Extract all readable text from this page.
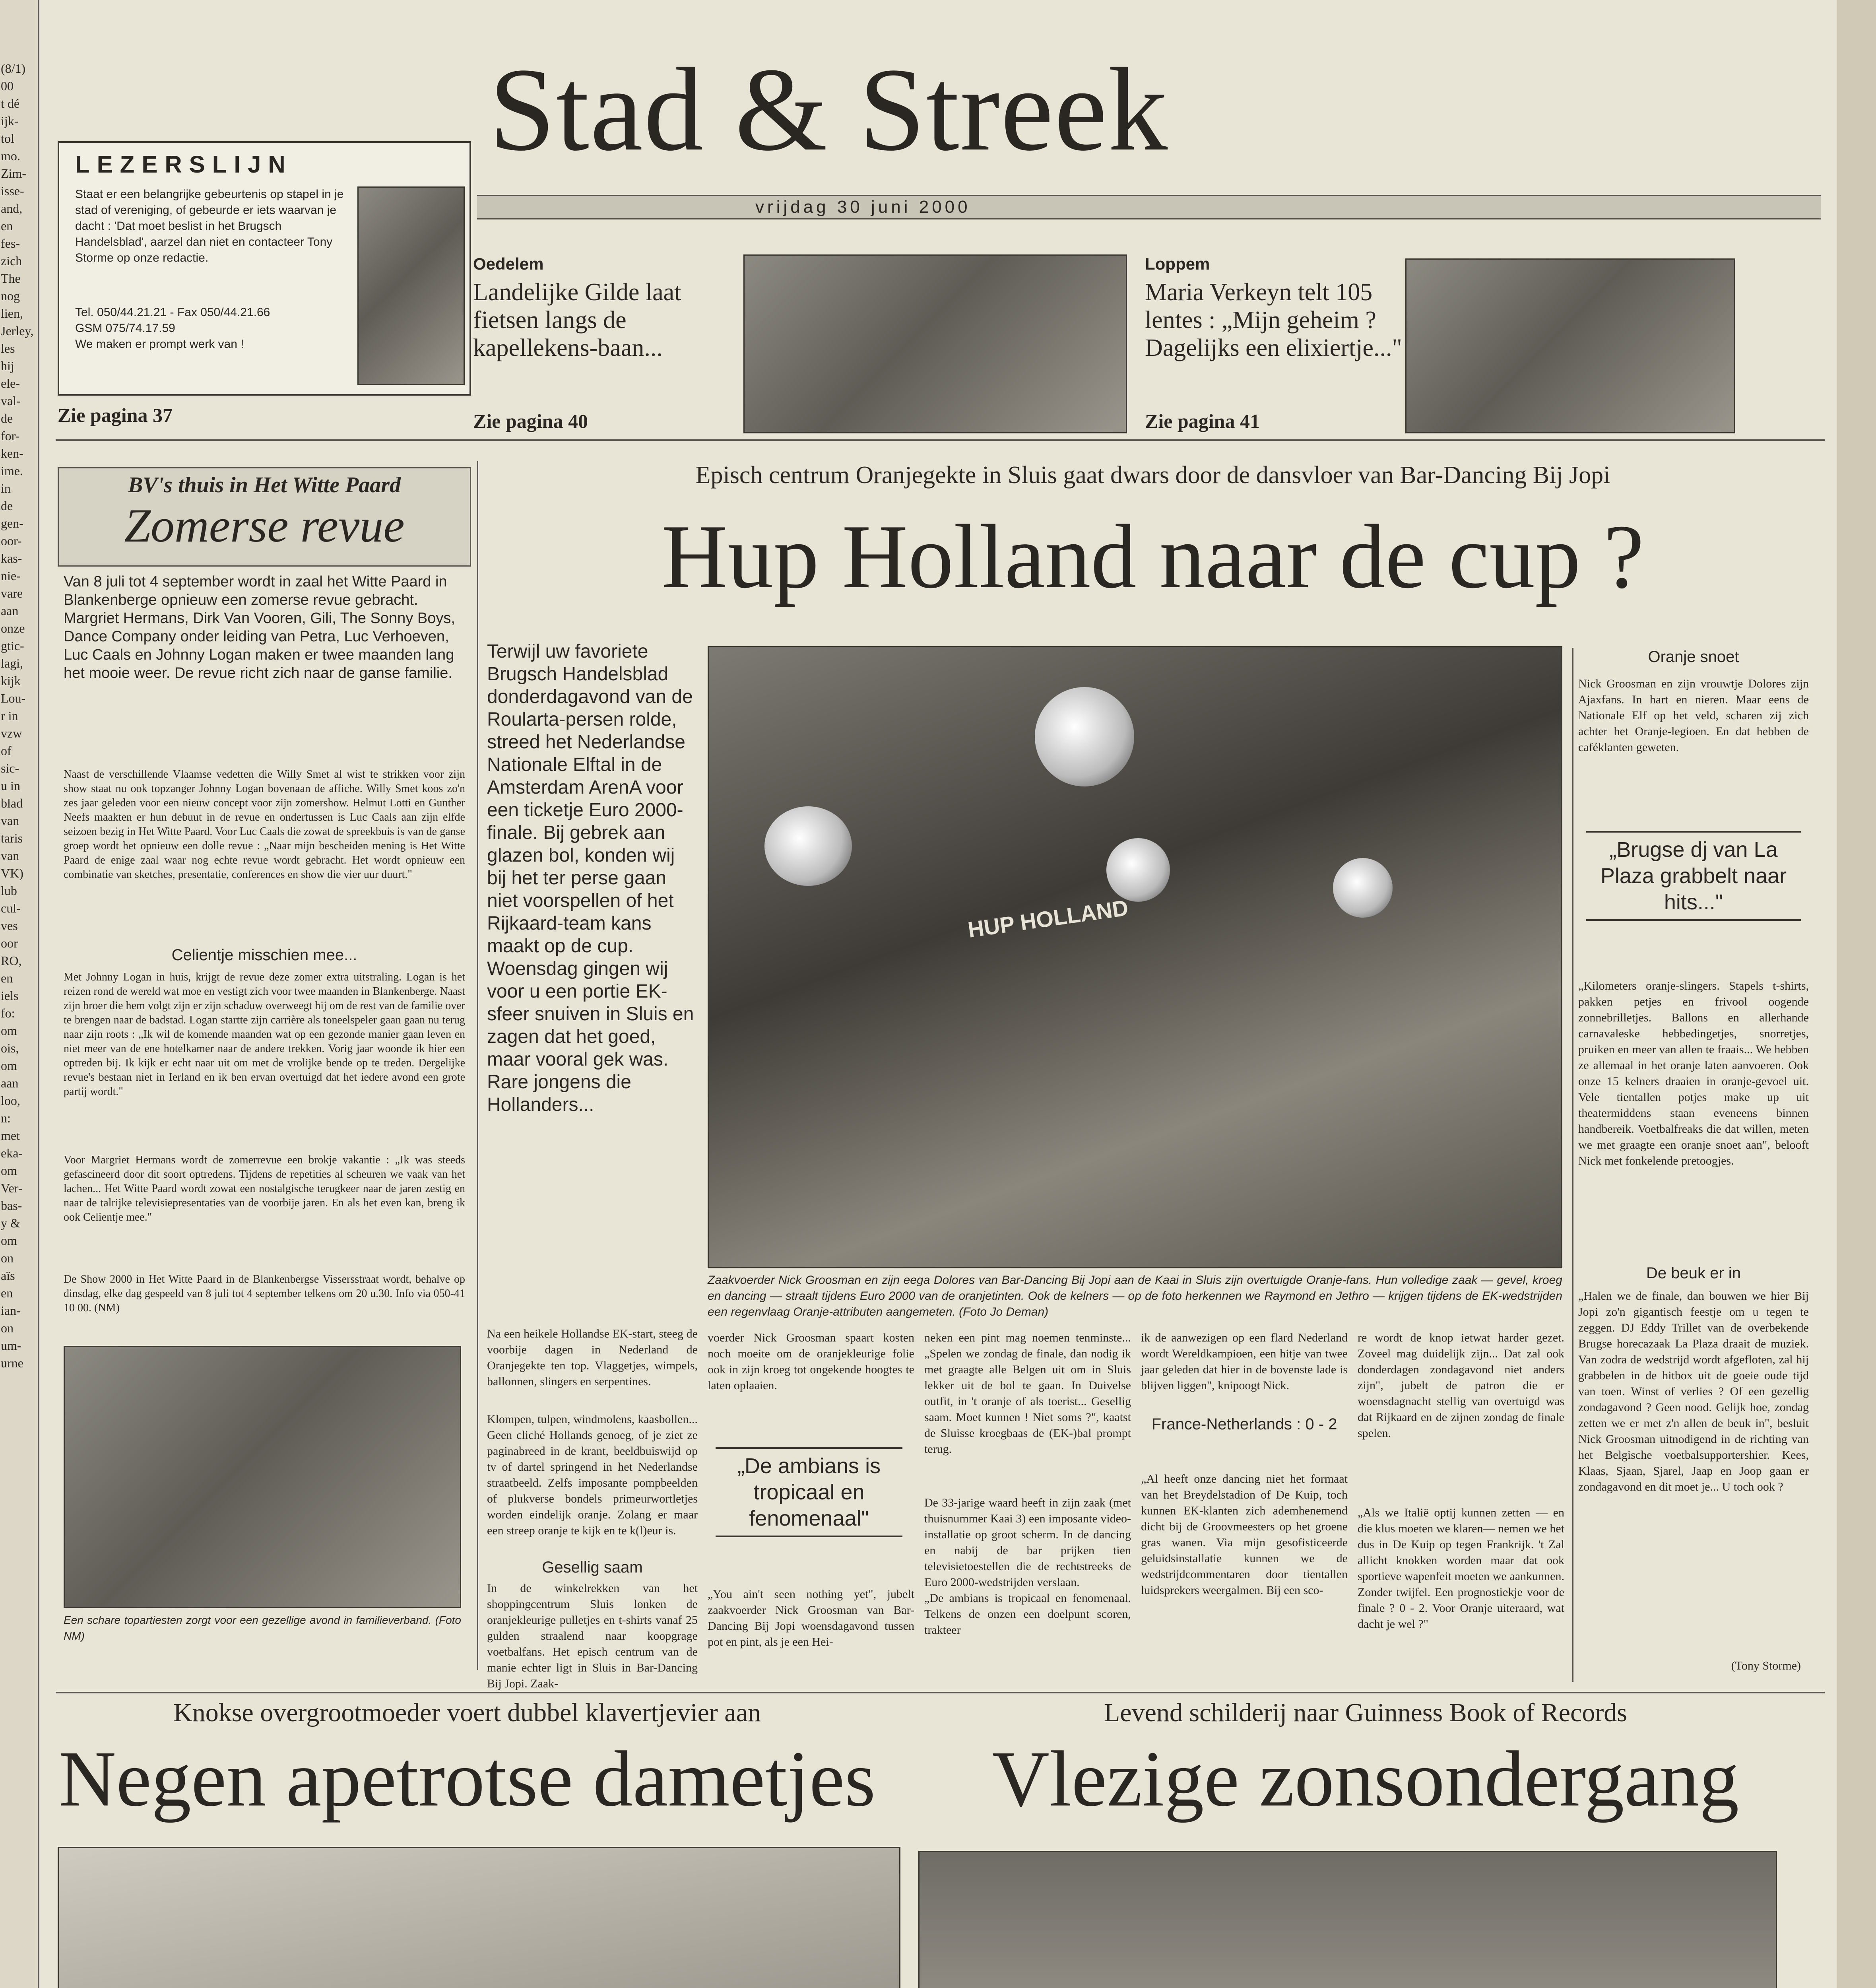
(8/1)
00
t dé
ijk-
tol
mo.
Zim-
isse-
and,
en
fes-
zich
The
nog
lien,
Jerley,
les
hij
ele-
val-
de
for-
ken-
ime.
in
de
gen-
oor-
kas-
nie-
vare
aan
onze
gtic-
lagi,
kijk
Lou-
r in
vzw
of
sic-
u in
blad
van
taris
van
VK)
lub
cul-
ves
oor
RO,
en
iels
fo:
om
ois,
om
aan
loo,
n:
met
eka-
om
Ver-
bas-
y &
om
on
aïs
en
ian-
on
um-
urne
Stad & Streek
vrijdag 30 juni 2000
LEZERSLIJN
Staat er een belangrijke gebeurtenis op stapel in je stad of vereniging, of gebeurde er iets waarvan je dacht : 'Dat moet beslist in het Brugsch Handelsblad', aarzel dan niet en contacteer Tony Storme op onze redactie.
Tel. 050/44.21.21 - Fax 050/44.21.66
GSM 075/74.17.59
We maken er prompt werk van !
Zie pagina 37
Oedelem
Landelijke Gilde laat fietsen langs de kapellekens-baan...
Zie pagina 40
Loppem
Maria Verkeyn telt 105 lentes : „Mijn geheim ? Dagelijks een elixiertje..."
Zie pagina 41
BV's thuis in Het Witte Paard
Zomerse revue
Van 8 juli tot 4 september wordt in zaal het Witte Paard in Blankenberge opnieuw een zomerse revue gebracht. Margriet Hermans, Dirk Van Vooren, Gili, The Sonny Boys, Dance Company onder leiding van Petra, Luc Verhoeven, Luc Caals en Johnny Logan maken er twee maanden lang het mooie weer. De revue richt zich naar de ganse familie.
Naast de verschillende Vlaamse vedetten die Willy Smet al wist te strikken voor zijn show staat nu ook topzanger Johnny Logan bovenaan de affiche. Willy Smet koos zo'n zes jaar geleden voor een nieuw concept voor zijn zomershow. Helmut Lotti en Gunther Neefs maakten er hun debuut in de revue en ondertussen is Luc Caals aan zijn elfde seizoen bezig in Het Witte Paard. Voor Luc Caals die zowat de spreekbuis is van de ganse groep wordt het opnieuw een dolle revue : „Naar mijn bescheiden mening is Het Witte Paard de enige zaal waar nog echte revue wordt gebracht. Het wordt opnieuw een combinatie van sketches, presentatie, conferences en show die vier uur duurt."
Celientje misschien mee...
Met Johnny Logan in huis, krijgt de revue deze zomer extra uitstraling. Logan is het reizen rond de wereld wat moe en vestigt zich voor twee maanden in Blankenberge. Naast zijn broer die hem volgt zijn er zijn schaduw overweegt hij om de rest van de familie over te brengen naar de badstad. Logan startte zijn carrière als toneelspeler gaan gaan nu terug naar zijn roots : „Ik wil de komende maanden wat op een gezonde manier gaan leven en niet meer van de ene hotelkamer naar de andere trekken. Vorig jaar woonde ik hier een optreden bij. Ik kijk er echt naar uit om met de vrolijke bende op te treden. Dergelijke revue's bestaan niet in Ierland en ik ben ervan overtuigd dat het iedere avond een grote partij wordt."
Voor Margriet Hermans wordt de zomerrevue een brokje vakantie : „Ik was steeds gefascineerd door dit soort optredens. Tijdens de repetities al scheuren we vaak van het lachen... Het Witte Paard wordt zowat een nostalgische terugkeer naar de jaren zestig en naar de talrijke televisiepresentaties van de voorbije jaren. En als het even kan, breng ik ook Celientje mee."
De Show 2000 in Het Witte Paard in de Blankenbergse Vissersstraat wordt, behalve op dinsdag, elke dag gespeeld van 8 juli tot 4 september telkens om 20 u.30. Info via 050-41 10 00. (NM)
Een schare topartiesten zorgt voor een gezellige avond in familieverband. (Foto NM)
Episch centrum Oranjegekte in Sluis gaat dwars door de dansvloer van Bar-Dancing Bij Jopi
Hup Holland naar de cup ?
Terwijl uw favoriete Brugsch Handelsblad donderdagavond van de Roularta-persen rolde, streed het Nederlandse Nationale Elftal in de Amsterdam ArenA voor een ticketje Euro 2000-finale. Bij gebrek aan glazen bol, konden wij bij het ter perse gaan niet voorspellen of het Rijkaard-team kans maakt op de cup. Woensdag gingen wij voor u een portie EK-sfeer snuiven in Sluis en zagen dat het goed, maar vooral gek was. Rare jongens die Hollanders...
HUP HOLLAND
Zaakvoerder Nick Groosman en zijn eega Dolores van Bar-Dancing Bij Jopi aan de Kaai in Sluis zijn overtuigde Oranje-fans. Hun volledige zaak — gevel, kroeg en dancing — straalt tijdens Euro 2000 van de oranjetinten. Ook de kelners — op de foto herkennen we Raymond en Jethro — krijgen tijdens de EK-wedstrijden een regenvlaag Oranje-attributen aangemeten. (Foto Jo Deman)
Na een heikele Hollandse EK-start, steeg de voorbije dagen in Nederland de Oranjegekte ten top. Vlaggetjes, wimpels, ballonnen, slingers en serpentines.
Klompen, tulpen, windmolens, kaasbollen... Geen cliché Hollands genoeg, of je ziet ze paginabreed in de krant, beeldbuiswijd op tv of dartel springend in het Nederlandse straatbeeld. Zelfs imposante pompbeelden of plukverse bondels primeurwortletjes worden eindelijk oranje. Zolang er maar een streep oranje te kijk en te k(l)eur is.
Gesellig saam
In de winkelrekken van het shoppingcentrum Sluis lonken de oranjekleurige pulletjes en t-shirts vanaf 25 gulden straalend naar koopgrage voetbalfans. Het episch centrum van de manie echter ligt in Sluis in Bar-Dancing Bij Jopi. Zaak-
voerder Nick Groosman spaart kosten noch moeite om de oranjekleurige folie ook in zijn kroeg tot ongekende hoogtes te laten oplaaien.
„De ambians is tropicaal en fenomenaal"
„You ain't seen nothing yet", jubelt zaakvoerder Nick Groosman van Bar-Dancing Bij Jopi woensdagavond tussen pot en pint, als je een Hei-
neken een pint mag noemen tenminste... „Spelen we zondag de finale, dan nodig ik met graagte alle Belgen uit om in Sluis lekker uit de bol te gaan. In Duivelse outfit, in 't oranje of als toerist... Gesellig saam. Moet kunnen ! Niet soms ?", kaatst de Sluisse kroegbaas de (EK-)bal prompt terug.
De 33-jarige waard heeft in zijn zaak (met thuisnummer Kaai 3) een imposante video-installatie op groot scherm. In de dancing en nabij de bar prijken tien televisietoestellen die de rechtstreeks de Euro 2000-wedstrijden verslaan.
„De ambians is tropicaal en fenomenaal. Telkens de onzen een doelpunt scoren, trakteer
ik de aanwezigen op een flard Nederland wordt Wereldkampioen, een hitje van twee jaar geleden dat hier in de bovenste lade is blijven liggen", knipoogt Nick.
France-Netherlands : 0 - 2
„Al heeft onze dancing niet het formaat van het Breydelstadion of De Kuip, toch kunnen EK-klanten zich ademhenemend dicht bij de Groovmeesters op het groene gras wanen. Via mijn gesofisticeerde geluidsinstallatie kunnen we de wedstrijdcommentaren door tientallen luidsprekers weergalmen. Bij een sco-
re wordt de knop ietwat harder gezet. Zoveel mag duidelijk zijn... Dat zal ook donderdagen zondagavond niet anders zijn", jubelt de patron die er woensdagnacht stellig van overtuigd was dat Rijkaard en de zijnen zondag de finale spelen.
„Als we Italië optij kunnen zetten — en die klus moeten we klaren— nemen we het dus in De Kuip op tegen Frankrijk. 't Zal allicht knokken worden maar dat ook sportieve wapenfeit moeten we aankunnen. Zonder twijfel. Een prognostiekje voor de finale ? 0 - 2. Voor Oranje uiteraard, wat dacht je wel ?"
Oranje snoet
Nick Groosman en zijn vrouwtje Dolores zijn Ajaxfans. In hart en nieren. Maar eens de Nationale Elf op het veld, scharen zij zich achter het Oranje-legioen. En dat hebben de caféklanten geweten.
„Brugse dj van La Plaza grabbelt naar hits..."
„Kilometers oranje-slingers. Stapels t-shirts, pakken petjes en frivool oogende zonnebrilletjes. Ballons en allerhande carnavaleske hebbedingetjes, snorretjes, pruiken en meer van allen te fraais... We hebben ze allemaal in het oranje laten aanvoeren. Ook onze 15 kelners draaien in oranje-gevoel uit. Vele tientallen potjes make up uit theatermiddens staan eveneens binnen handbereik. Voetbalfreaks die dat willen, meten we met graagte een oranje snoet aan", belooft Nick met fonkelende pretoogjes.
De beuk er in
„Halen we de finale, dan bouwen we hier Bij Jopi zo'n gigantisch feestje om u tegen te zeggen. DJ Eddy Trillet van de overbekende Brugse horecazaak La Plaza draait de muziek. Van zodra de wedstrijd wordt afgefloten, zal hij grabbelen in de hitbox uit de goeie oude tijd van toen. Winst of verlies ? Of een gezellig zondagavond ? Geen nood. Gelijk hoe, zondag zetten we er met z'n allen de beuk in", besluit Nick Groosman uitnodigend in de richting van het Belgische voetbalsupportershier. Kees, Klaas, Sjaan, Sjarel, Jaap en Joop gaan er zondagavond en dit moet je... U toch ook ?
(Tony Storme)
Knokse overgrootmoeder voert dubbel klavertjevier aan
Negen apetrotse dametjes
Levend schilderij naar Guinness Book of Records
Vlezige zonsondergang
